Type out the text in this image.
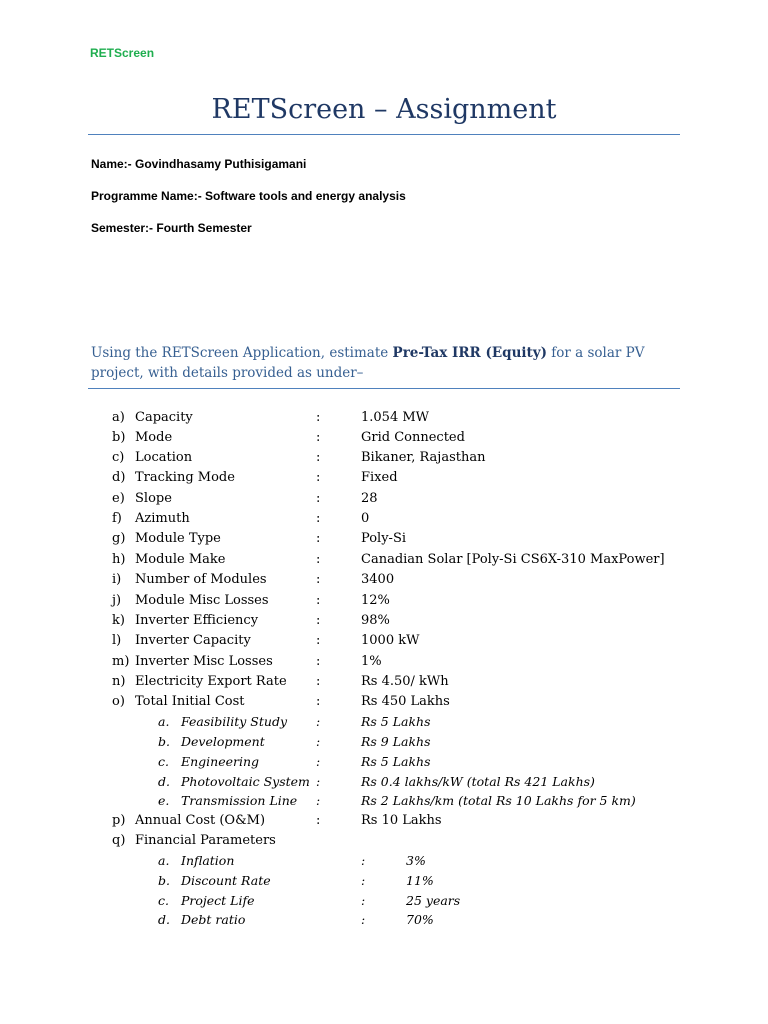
RETScreen
RETScreen – Assignment
Name:- Govindhasamy Puthisigamani
Programme Name:- Software tools and energy analysis
Semester:- Fourth Semester
Using the RETScreen Application, estimate Pre-Tax IRR (Equity) for a solar PV project, with details provided as under–
a) Capacity	:	1.054 MW
b) Mode	:	Grid Connected
c) Location	:	Bikaner, Rajasthan
d) Tracking Mode	:	Fixed
e) Slope	:	28
f) Azimuth	:	0
g) Module Type	:	Poly-Si
h) Module Make	:	Canadian Solar [Poly-Si CS6X-310 MaxPower]
i) Number of Modules	:	3400
j) Module Misc Losses	:	12%
k) Inverter Efficiency	:	98%
l) Inverter Capacity	:	1000 kW
m) Inverter Misc Losses	:	1%
n) Electricity Export Rate :	Rs 4.50/ kWh
o) Total Initial Cost	:	Rs 450 Lakhs
a. Feasibility Study :	Rs 5 Lakhs
b. Development	:	Rs 9 Lakhs
c. Engineering	:	Rs 5 Lakhs
d. Photovoltaic System :	Rs 0.4 lakhs/kW (total Rs 421 Lakhs)
e. Transmission Line :	Rs 2 Lakhs/km (total Rs 10 Lakhs for 5 km)
p) Annual Cost (O&M)	:	Rs 10 Lakhs
q) Financial Parameters
a. Inflation	:	3%
b. Discount Rate	:	11%
c. Project Life	:	25 years
d. Debt ratio	:	70%
